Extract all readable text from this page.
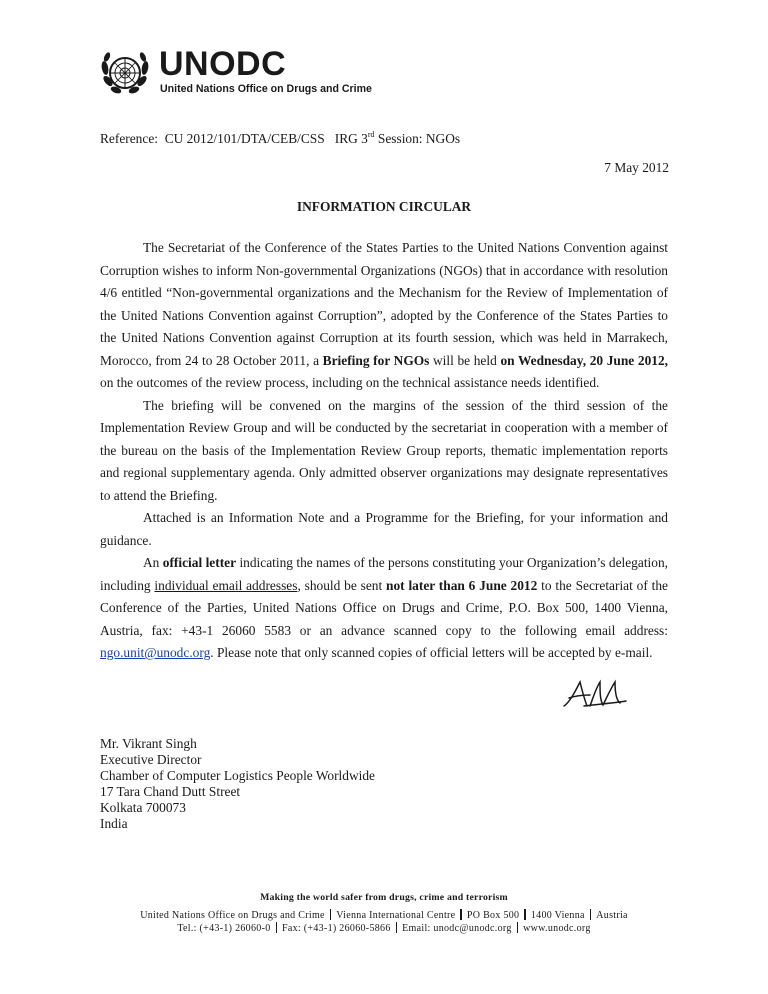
UNODC
United Nations Office on Drugs and Crime
Reference: CU 2012/101/DTA/CEB/CSS IRG 3rd Session: NGOs
7 May 2012
INFORMATION CIRCULAR

The Secretariat of the Conference of the States Parties to the United Nations Convention against Corruption wishes to inform Non-governmental Organizations (NGOs) that in accordance with resolution 4/6 entitled “Non-governmental organizations and the Mechanism for the Review of Implementation of the United Nations Convention against Corruption”, adopted by the Conference of the States Parties to the United Nations Convention against Corruption at its fourth session, which was held in Marrakech, Morocco, from 24 to 28 October 2011, a Briefing for NGOs will be held on Wednesday, 20 June 2012, on the outcomes of the review process, including on the technical assistance needs identified.

The briefing will be convened on the margins of the session of the third session of the Implementation Review Group and will be conducted by the secretariat in cooperation with a member of the bureau on the basis of the Implementation Review Group reports, thematic implementation reports and regional supplementary agenda. Only admitted observer organizations may designate representatives to attend the Briefing.

Attached is an Information Note and a Programme for the Briefing, for your information and guidance.

An official letter indicating the names of the persons constituting your Organization’s delegation, including individual email addresses, should be sent not later than 6 June 2012 to the Secretariat of the Conference of the Parties, United Nations Office on Drugs and Crime, P.O. Box 500, 1400 Vienna, Austria, fax: +43-1 26060 5583 or an advance scanned copy to the following email address: ngo.unit@unodc.org. Please note that only scanned copies of official letters will be accepted by e-mail.

Mr. Vikrant Singh
Executive Director
Chamber of Computer Logistics People Worldwide
17 Tara Chand Dutt Street
Kolkata 700073
India
Making the world safer from drugs, crime and terrorism
United Nations Office on Drugs and Crime Vienna International Centre PO Box 500 1400 Vienna Austria
Tel.: (+43-1) 26060-0 Fax: (+43-1) 26060-5866 Email: unodc@unodc.org www.unodc.org
